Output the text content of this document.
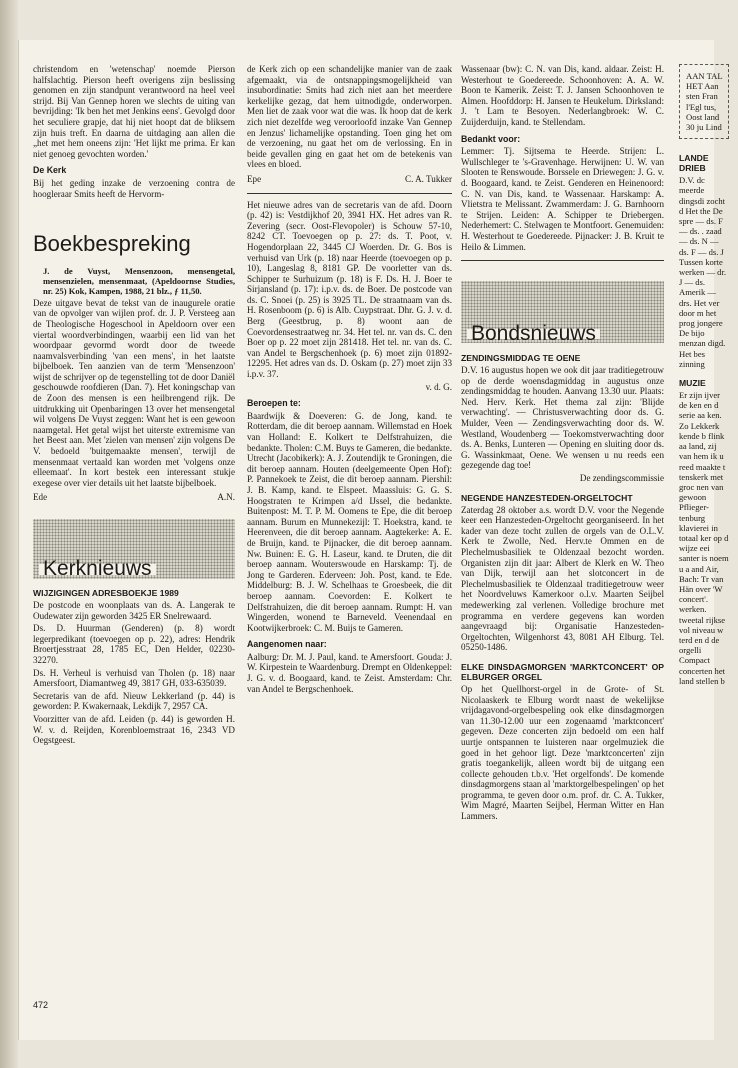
christendom en 'wetenschap' noemde Pierson halfslachtig. Pierson heeft overigens zijn beslissing genomen en zijn standpunt verantwoord na heel veel strijd. Bij Van Gennep horen we slechts de uiting van bevrijding: 'Ik ben het met Jenkins eens'. Gevolgd door het seculiere grapje, dat hij niet hoopt dat de bliksem zijn huis treft. En daarna de uitdaging aan allen die „het met hem oneens zijn: 'Het lijkt me prima. Er kan niet genoeg gevochten worden.'

De Kerk

Bij het geding inzake de verzoening contra de hoogleraar Smits heeft de Hervorm-

Boekbespreking

J. de Vuyst, Mensenzoon, mensengetal, mensenzielen, mensenmaat, (Apeldoornse Studies, nr. 25) Kok, Kampen, 1988, 21 blz., ƒ 11,50.

Deze uitgave bevat de tekst van de inaugurele oratie van de opvolger van wijlen prof. dr. J. P. Versteeg aan de Theologische Hogeschool in Apeldoorn over een viertal woordverbindingen, waarbij een lid van het woordpaar gevormd wordt door de tweede naamvalsverbinding 'van een mens', in het laatste bijbelboek. Ten aanzien van de term 'Mensenzoon' wijst de schrijver op de tegenstelling tot de door Daniël geschouwde roofdieren (Dan. 7). Het koningschap van de Zoon des mensen is een heilbrengend rijk. De uitdrukking uit Openbaringen 13 over het mensengetal wil volgens De Vuyst zeggen: Want het is een gewoon naamgetal. Het getal wijst het uiterste extremisme van het Beest aan. Met 'zielen van mensen' zijn volgens De V. bedoeld 'buitgemaakte mensen', terwijl de mensenmaat vertaald kan worden met 'volgens onze elleemaat'. In kort bestek een interessant stukje exegese over vier details uit het laatste bijbelboek.

Ede	A.N.
Kerknieuws

WIJZIGINGEN ADRESBOEKJE 1989

De postcode en woonplaats van ds. A. Langerak te Oudewater zijn geworden 3425 ER Snelrewaard.

Ds. D. Huurman (Genderen) (p. 8) wordt legerpredikant (toevoegen op p. 22), adres: Hendrik Broertjesstraat 28, 1785 EC, Den Helder, 02230-32270.

Ds. H. Verheul is verhuisd van Tholen (p. 18) naar Amersfoort, Diamantweg 49, 3817 GH, 033-635039.

Secretaris van de afd. Nieuw Lekkerland (p. 44) is geworden: P. Kwakernaak, Lekdijk 7, 2957 CA.

Voorzitter van de afd. Leiden (p. 44) is geworden H. W. v. d. Reijden, Korenbloemstraat 16, 2343 VD Oegstgeest.

de Kerk zich op een schandelijke manier van de zaak afgemaakt, via de ontsnappingsmogelijkheid van insubordinatie: Smits had zich niet aan het meerdere kerkelijke gezag, dat hem uitnodigde, onderworpen. Men liet de zaak voor wat die was. Ik hoop dat de kerk zich niet dezelfde weg veroorloofd inzake Van Gennep en Jenzus' lichamelijke opstanding. Toen ging het om de verzoening, nu gaat het om de verlossing. En in beide gevallen ging en gaat het om de betekenis van vlees en bloed.

Epe	C. A. Tukker

Het nieuwe adres van de secretaris van de afd. Doorn (p. 42) is: Vestdijkhof 20, 3941 HX. Het adres van R. Zevering (secr. Oost-Flevopoler) is Schouw 57-10, 8242 CT. Toevoegen op p. 27: ds. T. Poot, v. Hogendorplaan 22, 3445 CJ Woerden. Dr. G. Bos is verhuisd van Urk (p. 18) naar Heerde (toevoegen op p. 10), Langeslag 8, 8181 GP. De voorletter van ds. Schipper te Surhuizum (p. 18) is F. Ds. H. J. Boer te Sirjansland (p. 17): i.p.v. ds. de Boer. De postcode van ds. C. Snoei (p. 25) is 3925 TL. De straatnaam van ds. H. Rosenboom (p. 6) is Alb. Cuypstraat. Dhr. G. J. v. d. Berg (Geestbrug, p. 8) woont aan de Coevordensestraatweg nr. 34. Het tel. nr. van ds. C. den Boer op p. 22 moet zijn 281418. Het tel. nr. van ds. C. van Andel te Bergschenhoek (p. 6) moet zijn 01892-12295. Het adres van ds. D. Oskam (p. 27) moet zijn 33 i.p.v. 37.

v. d. G.

Beroepen te:

Baardwijk & Doeveren: G. de Jong, kand. te Rotterdam, die dit beroep aannam. Willemstad en Hoek van Holland: E. Kolkert te Delfstrahuizen, die bedankte. Tholen: C.M. Buys te Gameren, die bedankte. Utrecht (Jacobikerk): A. J. Zoutendijk te Groningen, die dit beroep aannam. Houten (deelgemeente Open Hof): P. Pannekoek te Zeist, die dit beroep aannam. Piershil: J. B. Kamp, kand. te Elspeet. Maassluis: G. G. S. Hoogstraten te Krimpen a/d IJssel, die bedankte. Buitenpost: M. T. P. M. Oomens te Epe, die dit beroep aannam. Burum en Munnekezijl: T. Hoekstra, kand. te Heerenveen, die dit beroep aannam. Aagtekerke: A. E. de Bruijn, kand. te Pijnacker, die dit beroep aannam. Nw. Buinen: E. G. H. Laseur, kand. te Druten, die dit beroep aannam. Wouterswoude en Harskamp: Tj. de Jong te Garderen. Ederveen: Joh. Post, kand. te Ede. Middelburg: B. J. W. Schelhaas te Groesbeek, die dit beroep aannam. Coevorden: E. Kolkert te Delfstrahuizen, die dit beroep aannam. Rumpt: H. van Wingerden, wonend te Barneveld. Veenendaal en Kootwijkerbroek: C. M. Buijs te Gameren.

Aangenomen naar:

Aalburg: Dr. M. J. Paul, kand. te Amersfoort. Gouda: J. W. Kirpestein te Waardenburg. Drempt en Oldenkeppel: J. G. v. d. Boogaard, kand. te Zeist. Amsterdam: Chr. van Andel te Bergschenhoek.

Wassenaar (bw): C. N. van Dis, kand. aldaar. Zeist: H. Westerhout te Goedereede. Schoonhoven: A. A. W. Boon te Kamerik. Zeist: T. J. Jansen Schoonhoven te Almen. Hoofddorp: H. Jansen te Heukelum. Dirksland: J. 't Lam te Besoyen. Nederlangbroek: W. C. Zuijderduijn, kand. te Stellendam.

Bedankt voor:

Lemmer: Tj. Sijtsema te Heerde. Strijen: L. Wullschleger te 's-Gravenhage. Herwijnen: U. W. van Slooten te Renswoude. Borssele en Driewegen: J. G. v. d. Boogaard, kand. te Zeist. Genderen en Heinenoord: C. N. van Dis, kand. te Wassenaar. Harskamp: A. Vlietstra te Melissant. Zwammerdam: J. G. Barnhoorn te Strijen. Leiden: A. Schipper te Driebergen. Nederhemert: C. Stelwagen te Montfoort. Genemuiden: H. Westerhout te Goedereede. Pijnacker: J. B. Kruit te Heilo & Limmen.

Bondsnieuws

ZENDINGSMIDDAG TE OENE

D.V. 16 augustus hopen we ook dit jaar traditiegetrouw op de derde woensdagmiddag in augustus onze zendingsmiddag te houden. Aanvang 13.30 uur. Plaats: Ned. Herv. Kerk. Het thema zal zijn: 'Blijde verwachting'. — Christusverwachting door ds. G. Mulder, Veen — Zendingsverwachting door ds. W. Westland, Woudenberg — Toekomstverwachting door ds. A. Benks, Lunteren — Opening en sluiting door ds. G. Wassinkmaat, Oene. We wensen u nu reeds een gezegende dag toe!

De zendingscommissie

NEGENDE HANZESTEDEN-ORGELTOCHT

Zaterdag 28 oktober a.s. wordt D.V. voor the Negende keer een Hanzesteden-Orgeltocht georganiseerd. In het kader van deze tocht zullen de orgels van de O.L.V. Kerk te Zwolle, Ned. Herv.te Ommen en de Plechelmusbasiliek te Oldenzaal bezocht worden. Organisten zijn dit jaar: Albert de Klerk en W. Theo van Dijk, terwijl aan het slotconcert in de Plechelmusbasiliek te Oldenzaal traditiegetrouw weer het Noordveluws Kamerkoor o.l.v. Maarten Seijbel medewerking zal verlenen. Volledige brochure met programma en verdere gegevens kan worden aangevraagd bij: Organisatie Hanzesteden-Orgeltochten, Wilgenhorst 43, 8081 AH Elburg. Tel. 05250-1486.

ELKE DINSDAGMORGEN 'MARKTCONCERT' OP ELBURGER ORGEL

Op het Quellhorst-orgel in de Grote- of St. Nicolaaskerk te Elburg wordt naast de wekelijkse vrijdagavond-orgelbespeling ook elke dinsdagmorgen van 11.30-12.00 uur een zogenaamd 'marktconcert' gegeven. Deze concerten zijn bedoeld om een half uurtje ontspannen te luisteren naar orgelmuziek die goed in het gehoor ligt. Deze 'marktconcerten' zijn gratis toegankelijk, alleen wordt bij de uitgang een collecte gehouden t.b.v. 'Het orgelfonds'. De komende dinsdagmorgens staan al 'marktorgelbespelingen' op het programma, te geven door o.m. prof. dr. C. A. Tukker, Wim Magré, Maarten Seijbel, Herman Witter en Han Lammers.

AAN TAL HET Aan sten Fran l'Egl tus, Oost land 30 ju Lind

LANDE DRIEB

D.V. dc meerde dingsdi zocht d Het the De spre — ds. F — ds. . zaad — ds. N — ds. F — ds. J Tussen korte werken — dr. J — ds. Amerik — drs. Het ver door m het prog jongere De bijo menzan digd. Het bes zinning

MUZIE

Er zijn ijver de ken en d serie aa ken. Zo Lekkerk kende b flink aa land, zij van hem ik u reed maakte t tenskerk met groc nen van gewoon Pflieger- tenburg klavierei in totaal ker op d wijze eei santer is noem u a and Air, Bach: Tr van Hän over 'W concert'. werken. tweetal rijkse vol niveau w terd en d de orgelli Compact concerten het land stellen b

472
